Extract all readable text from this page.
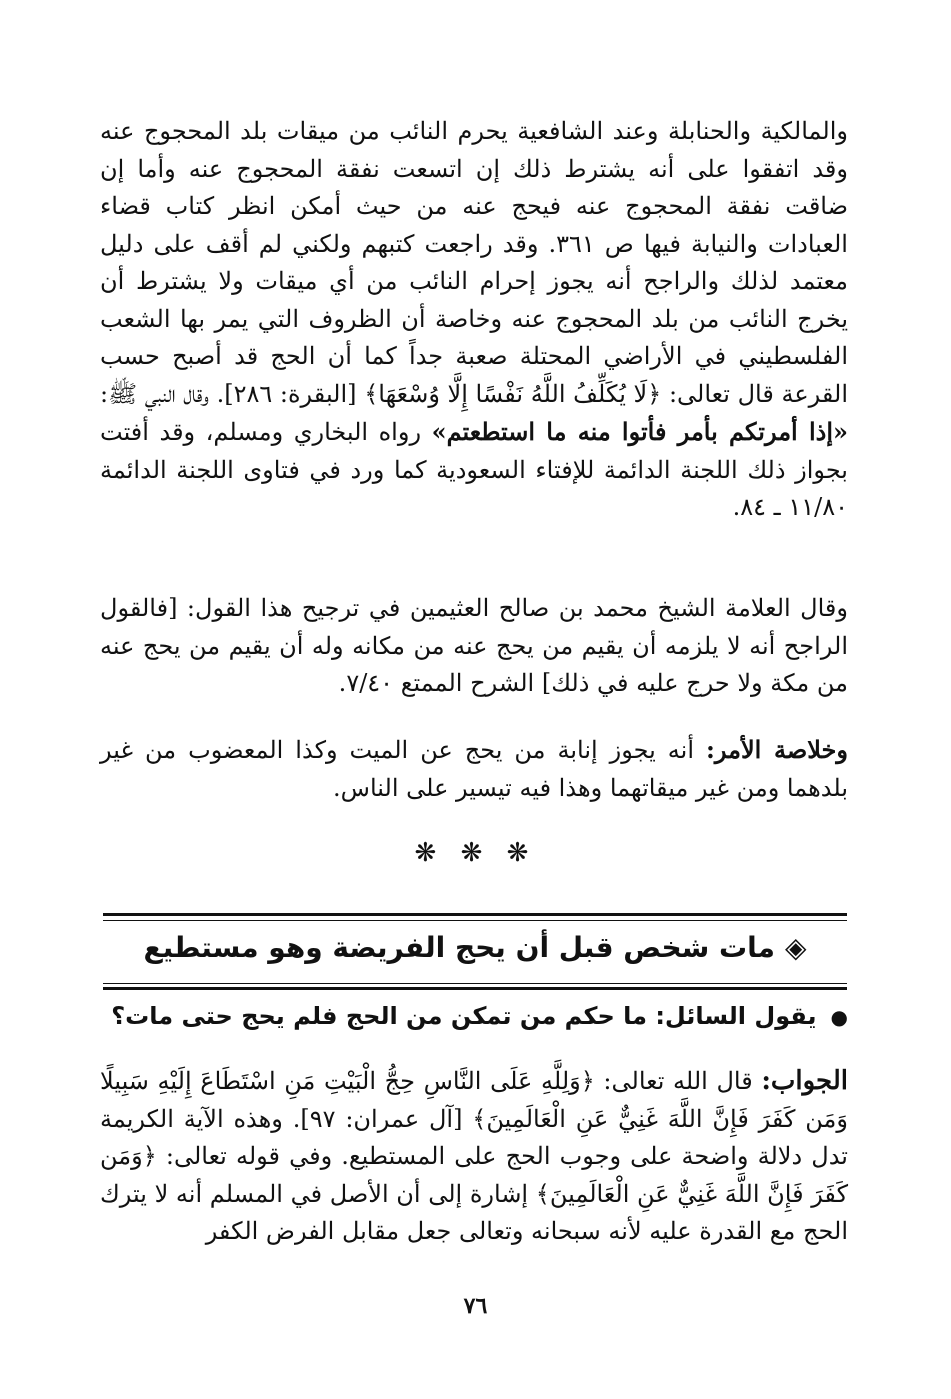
والمالكية والحنابلة وعند الشافعية يحرم النائب من ميقات بلد المحجوج عنه وقد اتفقوا على أنه يشترط ذلك إن اتسعت نفقة المحجوج عنه وأما إن ضاقت نفقة المحجوج عنه فيحج عنه من حيث أمكن انظر كتاب قضاء العبادات والنيابة فيها ص ٣٦١. وقد راجعت كتبهم ولكني لم أقف على دليل معتمد لذلك والراجح أنه يجوز إحرام النائب من أي ميقات ولا يشترط أن يخرج النائب من بلد المحجوج عنه وخاصة أن الظروف التي يمر بها الشعب الفلسطيني في الأراضي المحتلة صعبة جداً كما أن الحج قد أصبح حسب القرعة قال تعالى: ﴿لَا يُكَلِّفُ اللَّهُ نَفْسًا إِلَّا وُسْعَهَا﴾ [البقرة: ٢٨٦]. وقال النبي ﷺ: «إذا أمرتكم بأمر فأتوا منه ما استطعتم» رواه البخاري ومسلم، وقد أفتت بجواز ذلك اللجنة الدائمة للإفتاء السعودية كما ورد في فتاوى اللجنة الدائمة ١١/٨٠ ـ ٨٤.

وقال العلامة الشيخ محمد بن صالح العثيمين في ترجيح هذا القول: [فالقول الراجح أنه لا يلزمه أن يقيم من يحج عنه من مكانه وله أن يقيم من يحج عنه من مكة ولا حرج عليه في ذلك] الشرح الممتع ٧/٤٠.

وخلاصة الأمر: أنه يجوز إنابة من يحج عن الميت وكذا المعضوب من غير بلدهما ومن غير ميقاتهما وهذا فيه تيسير على الناس.

❋ ❋ ❋
◈مات شخص قبل أن يحج الفريضة وهو مستطيع
●يقول السائل: ما حكم من تمكن من الحج فلم يحج حتى مات؟

الجواب: قال الله تعالى: ﴿وَلِلَّهِ عَلَى النَّاسِ حِجُّ الْبَيْتِ مَنِ اسْتَطَاعَ إِلَيْهِ سَبِيلًا وَمَن كَفَرَ فَإِنَّ اللَّهَ غَنِيٌّ عَنِ الْعَالَمِينَ﴾ [آل عمران: ٩٧]. وهذه الآية الكريمة تدل دلالة واضحة على وجوب الحج على المستطيع. وفي قوله تعالى: ﴿وَمَن كَفَرَ فَإِنَّ اللَّهَ غَنِيٌّ عَنِ الْعَالَمِينَ﴾ إشارة إلى أن الأصل في المسلم أنه لا يترك الحج مع القدرة عليه لأنه سبحانه وتعالى جعل مقابل الفرض الكفر

٧٦
